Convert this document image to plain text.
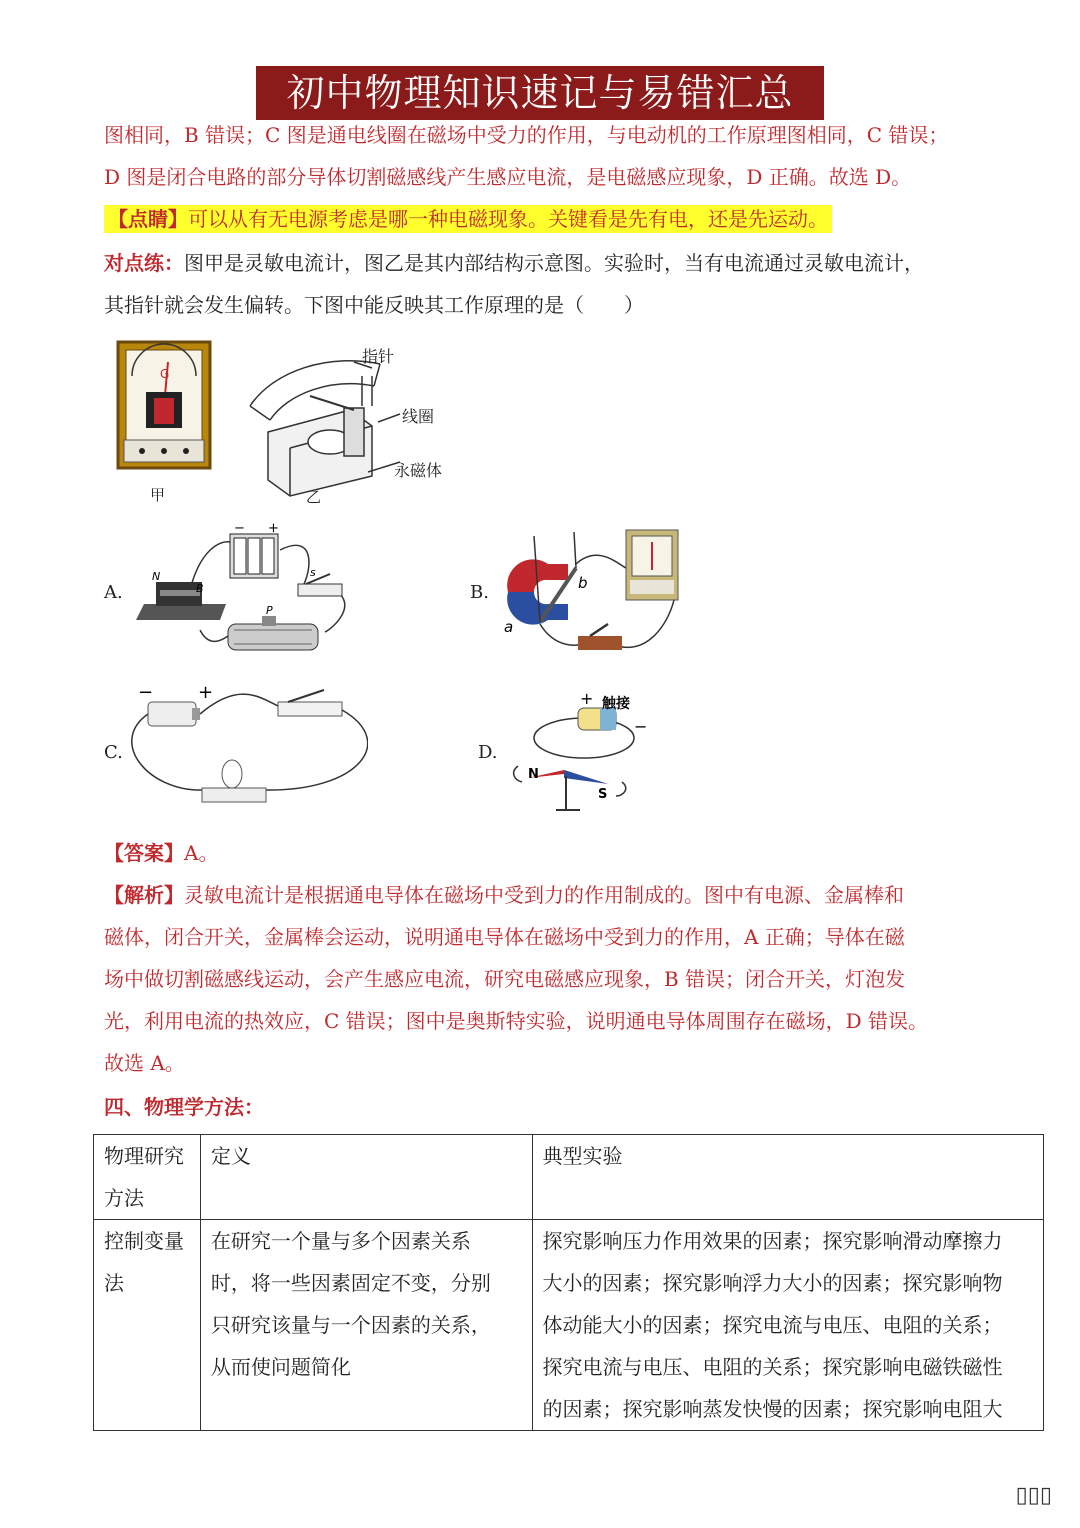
初中物理知识速记与易错汇总
图相同，B 错误；C 图是通电线圈在磁场中受力的作用，与电动机的工作原理图相同，C 错误；
D 图是闭合电路的部分导体切割磁感线产生感应电流，是电磁感应现象，D 正确。故选 D。
【点睛】可以从有无电源考虑是哪一种电磁现象。关键看是先有电，还是先运动。
对点练：图甲是灵敏电流计，图乙是其内部结构示意图。实验时，当有电流通过灵敏电流计，
其指针就会发生偏转。下图中能反映其工作原理的是（　　）
G
甲
指针
线圈
永磁体
乙
A.
− +
N
B
s
P
B.
a
b
C.
− +
D.
+
−
触接
N
S
【答案】A。
【解析】灵敏电流计是根据通电导体在磁场中受到力的作用制成的。图中有电源、金属棒和
磁体，闭合开关，金属棒会运动，说明通电导体在磁场中受到力的作用，A 正确；导体在磁
场中做切割磁感线运动，会产生感应电流，研究电磁感应现象，B 错误；闭合开关，灯泡发
光，利用电流的热效应，C 错误；图中是奥斯特实验，说明通电导体周围存在磁场，D 错误。
故选 A。
四、物理学方法：
物理研究
方法	定义	典型实验
控制变量
法	在研究一个量与多个因素关系
时，将一些因素固定不变，分别
只研究该量与一个因素的关系，
从而使问题简化	探究影响压力作用效果的因素；探究影响滑动摩擦力
大小的因素；探究影响浮力大小的因素；探究影响物
体动能大小的因素；探究电流与电压、电阻的关系；
探究电流与电压、电阻的关系；探究影响电磁铁磁性
的因素；探究影响蒸发快慢的因素；探究影响电阻大
▯▯▯
